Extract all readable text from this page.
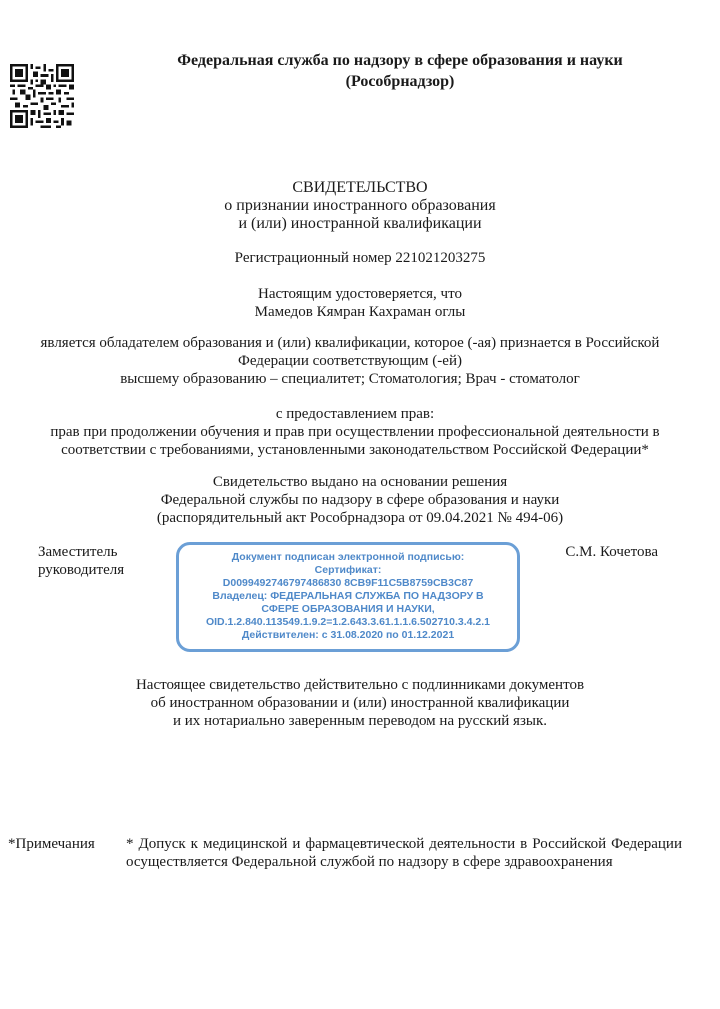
Федеральная служба по надзору в сфере образования и науки
(Рособрнадзор)
СВИДЕТЕЛЬСТВО
о признании иностранного образования
и (или) иностранной квалификации
Регистрационный номер 221021203275
Настоящим удостоверяется, что
Мамедов Кямран Кахраман оглы
является обладателем образования и (или) квалификации, которое (-ая) признается в Российской
Федерации соответствующим (-ей)
высшему образованию – специалитет; Стоматология; Врач - стоматолог
с предоставлением прав:
прав при продолжении обучения и прав при осуществлении профессиональной деятельности в
соответствии с требованиями, установленными законодательством Российской Федерации*
Свидетельство выдано на основании решения
Федеральной службы по надзору в сфере образования и науки
(распорядительный акт Рособрнадзора от 09.04.2021 № 494-06)
Заместитель
руководителя
Документ подписан электронной подписью:
Сертификат:
D0099492746797486830 8CB9F11C5B8759CB3C87
Владелец: ФЕДЕРАЛЬНАЯ СЛУЖБА ПО НАДЗОРУ В
СФЕРЕ ОБРАЗОВАНИЯ И НАУКИ,
OID.1.2.840.113549.1.9.2=1.2.643.3.61.1.1.6.502710.3.4.2.1
Действителен: с 31.08.2020 по 01.12.2021
С.М. Кочетова
Настоящее свидетельство действительно с подлинниками документов
об иностранном образовании и (или) иностранной квалификации
и их нотариально заверенным переводом на русский язык.
*Примечания * Допуск к медицинской и фармацевтической деятельности в Российской Федерации осуществляется Федеральной службой по надзору в сфере здравоохранения
